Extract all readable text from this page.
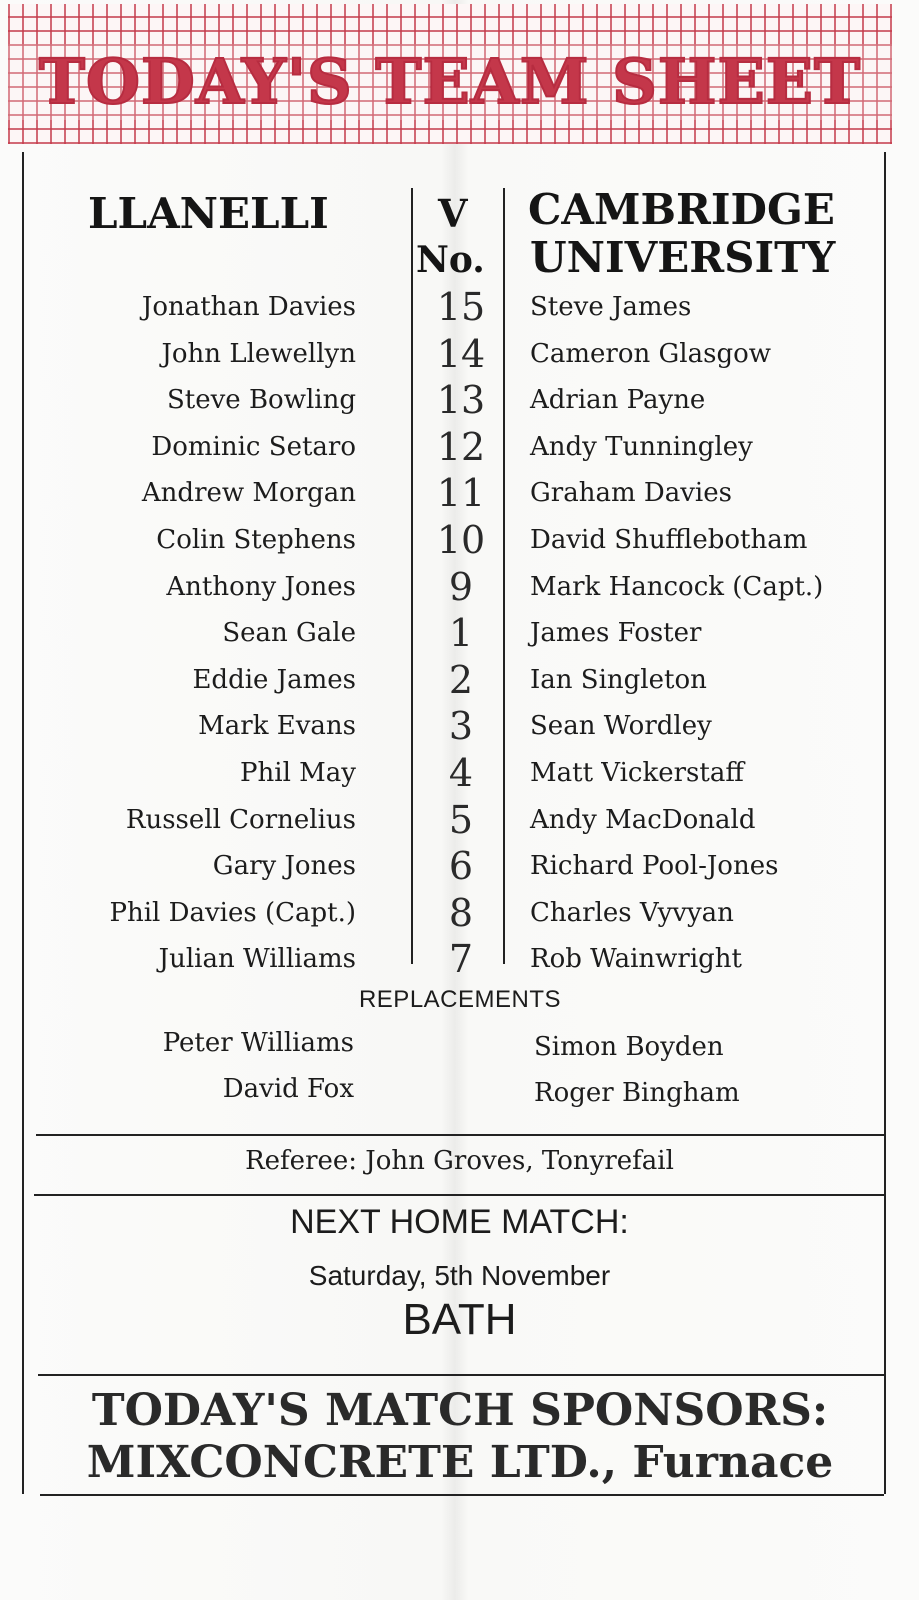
TODAY'S TEAM SHEET
LLANELLI	V
No.
CAMBRIDGE
UNIVERSITY
Jonathan Davies
John Llewellyn
Steve Bowling
Dominic Setaro
Andrew Morgan
Colin Stephens
Anthony Jones
Sean Gale
Eddie James
Mark Evans
Phil May
Russell Cornelius
Gary Jones
Phil Davies (Capt.)
Julian Williams
15
14
13
12
11
10
9
1
2
3
4
5
6
8
7
Steve James
Cameron Glasgow
Adrian Payne
Andy Tunningley
Graham Davies
David Shufflebotham
Mark Hancock (Capt.)
James Foster
Ian Singleton
Sean Wordley
Matt Vickerstaff
Andy MacDonald
Richard Pool-Jones
Charles Vyvyan
Rob Wainwright
REPLACEMENTS
Peter Williams
David Fox
Simon Boyden
Roger Bingham
Referee: John Groves, Tonyrefail
NEXT HOME MATCH:
Saturday, 5th November
BATH
TODAY'S MATCH SPONSORS:
MIXCONCRETE LTD., Furnace
